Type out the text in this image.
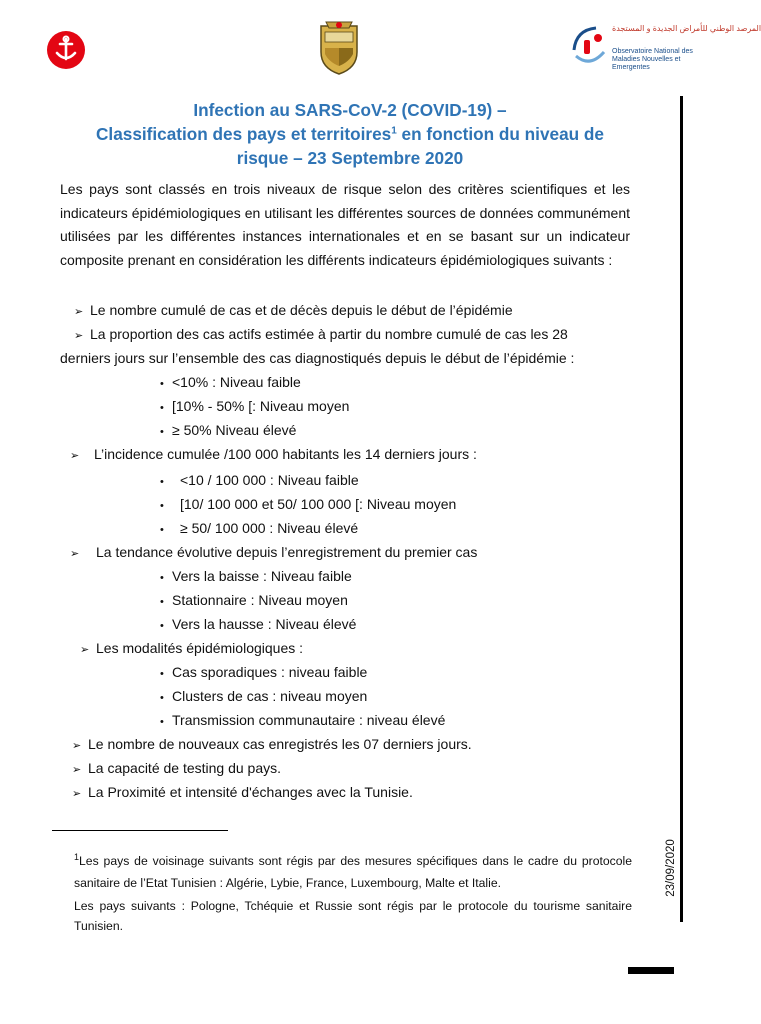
المرصد الوطني للأمراض الجديدة و المستجدة
Observatoire National des Maladies Nouvelles et Emergentes
Infection au SARS-CoV-2 (COVID-19) –
Classification des pays et territoires$^1$ en fonction du niveau de
risque – 23 Septembre 2020
Les pays sont classés en trois niveaux de risque selon des critères scientifiques et les indicateurs épidémiologiques en utilisant les différentes sources de données communément utilisées par les différentes instances internationales et en se basant sur un indicateur composite prenant en considération les différents indicateurs épidémiologiques suivants :
➢ Le nombre cumulé de cas et de décès depuis le début de l’épidémie
➢ La proportion des cas actifs estimée à partir du nombre cumulé de cas les 28
derniers jours sur l’ensemble des cas diagnostiqués depuis le début de l’épidémie :
• <10% : Niveau faible
• [10% - 50% [: Niveau moyen
• ≥ 50% Niveau élevé
➢ L’incidence cumulée /100 000 habitants les 14 derniers jours :
• <10 / 100 000 : Niveau faible
• [10/ 100 000 et 50/ 100 000 [: Niveau moyen
• ≥ 50/ 100 000 : Niveau élevé
➢ La tendance évolutive depuis l’enregistrement du premier cas
• Vers la baisse : Niveau faible
• Stationnaire : Niveau moyen
• Vers la hausse : Niveau élevé
➢ Les modalités épidémiologiques :
• Cas sporadiques : niveau faible
• Clusters de cas : niveau moyen
• Transmission communautaire : niveau élevé
➢ Le nombre de nouveaux cas enregistrés les 07 derniers jours.
➢ La capacité de testing du pays.
➢ La Proximité et intensité d'échanges avec la Tunisie.
23/09/2020
$^1$Les pays de voisinage suivants sont régis par des mesures spécifiques dans le cadre du protocole sanitaire de l’Etat Tunisien : Algérie, Lybie, France, Luxembourg, Malte et Italie.
Les pays suivants : Pologne, Tchéquie et Russie sont régis par le protocole du tourisme sanitaire Tunisien.
